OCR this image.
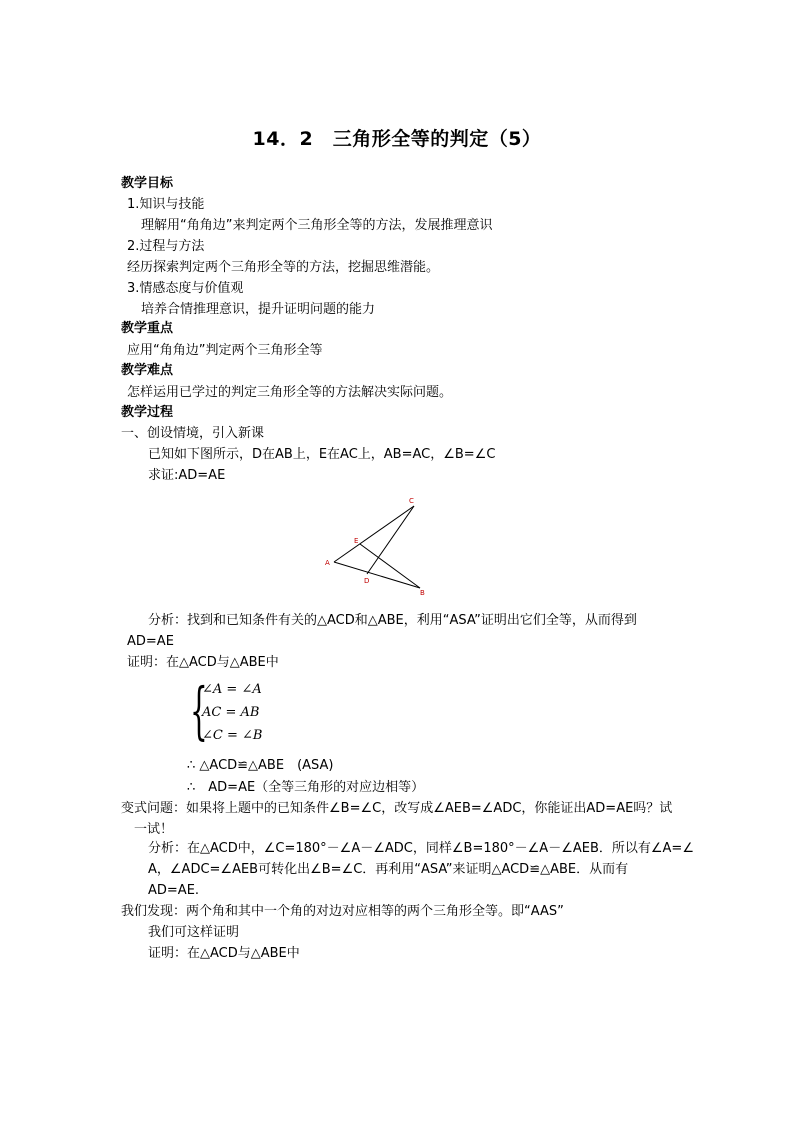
14．2　三角形全等的判定（5）
教学目标
1.知识与技能
理解用“角角边”来判定两个三角形全等的方法，发展推理意识
2.过程与方法
经历探索判定两个三角形全等的方法，挖掘思维潜能。
3.情感态度与价值观
培养合情推理意识，提升证明问题的能力
教学重点
应用“角角边”判定两个三角形全等
教学难点
怎样运用已学过的判定三角形全等的方法解决实际问题。
教学过程
一、创设情境，引入新课
已知如下图所示，D在AB上，E在AC上，AB=AC，∠B=∠C
求证:AD=AE
A
B
C
D
E
分析：找到和已知条件有关的△ACD和△ABE，利用“ASA”证明出它们全等，从而得到
AD=AE
证明：在△ACD与△ABE中
{
∠A = ∠A
AC = AB
∠C = ∠B
∴ △ACD≌△ABE　(ASA)
∴　AD=AE（全等三角形的对应边相等）
变式问题：如果将上题中的已知条件∠B=∠C，改写成∠AEB=∠ADC，你能证出AD=AE吗？试
一试！
分析：在△ACD中，∠C=180°－∠A－∠ADC，同样∠B=180°－∠A－∠AEB．所以有∠A=∠
A，∠ADC=∠AEB可转化出∠B=∠C．再利用“ASA”来证明△ACD≌△ABE．从而有
AD=AE.
我们发现：两个角和其中一个角的对边对应相等的两个三角形全等。即“AAS”
我们可这样证明
证明：在△ACD与△ABE中
